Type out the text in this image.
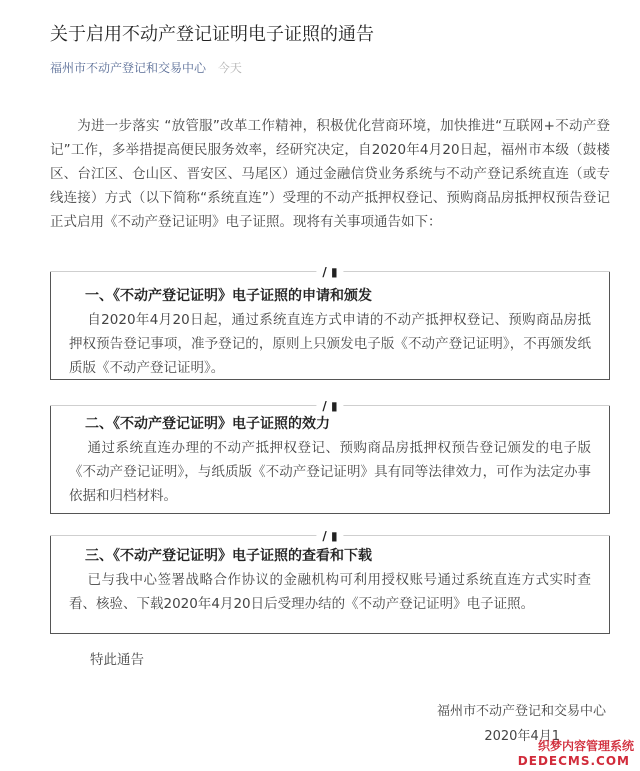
关于启用不动产登记证明电子证照的通告
福州市不动产登记和交易中心 今天
为进一步落实 “放管服”改革工作精神，积极优化营商环境，加快推进“互联网+不动产登记”工作，多举措提高便民服务效率，经研究决定，自2020年4月20日起，福州市本级（鼓楼区、台江区、仓山区、晋安区、马尾区）通过金融信贷业务系统与不动产登记系统直连（或专线连接）方式（以下简称“系统直连”）受理的不动产抵押权登记、预购商品房抵押权预告登记正式启用《不动产登记证明》电子证照。现将有关事项通告如下：
/ ▮
一、《不动产登记证明》电子证照的申请和颁发

自2020年4月20日起，通过系统直连方式申请的不动产抵押权登记、预购商品房抵押权预告登记事项，准予登记的，原则上只颁发电子版《不动产登记证明》，不再颁发纸质版《不动产登记证明》。

/ ▮
二、《不动产登记证明》电子证照的效力

通过系统直连办理的不动产抵押权登记、预购商品房抵押权预告登记颁发的电子版《不动产登记证明》，与纸质版《不动产登记证明》具有同等法律效力，可作为法定办事依据和归档材料。

/ ▮
三、《不动产登记证明》电子证照的查看和下载

已与我中心签署战略合作协议的金融机构可利用授权账号通过系统直连方式实时查看、核验、下载2020年4月20日后受理办结的《不动产登记证明》电子证照。

特此通告
福州市不动产登记和交易中心
2020年4月1
织梦内容管理系统
DEDECMS.COM
